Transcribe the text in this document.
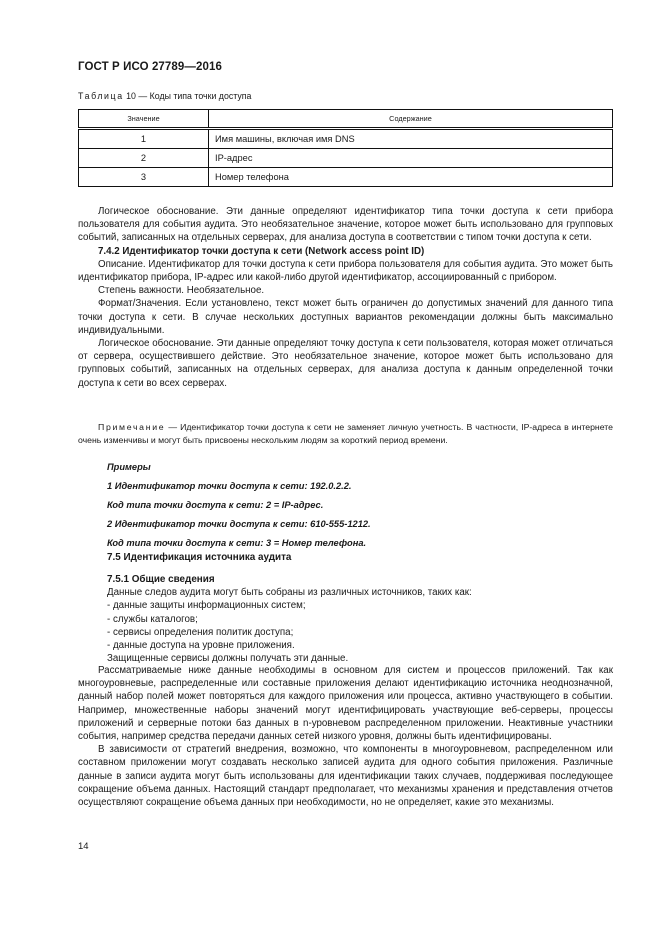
ГОСТ Р ИСО 27789—2016
Таблица 10 — Коды типа точки доступа
Значение	Содержание
1	Имя машины, включая имя DNS
2	IP-адрес
3	Номер телефона

Логическое обоснование. Эти данные определяют идентификатор типа точки доступа к сети прибора пользователя для события аудита. Это необязательное значение, которое может быть использовано для групповых событий, записанных на отдельных серверах, для анализа доступа в соответствии с типом точки доступа к сети.

7.4.2 Идентификатор точки доступа к сети (Network access point ID)

Описание. Идентификатор для точки доступа к сети прибора пользователя для события аудита. Это может быть идентификатор прибора, IP-адрес или какой-либо другой идентификатор, ассоциированный с прибором.

Степень важности. Необязательное.

Формат/Значения. Если установлено, текст может быть ограничен до допустимых значений для данного типа точки доступа к сети. В случае нескольких доступных вариантов рекомендации должны быть максимально индивидуальными.

Логическое обоснование. Эти данные определяют точку доступа к сети пользователя, которая может отличаться от сервера, осуществившего действие. Это необязательное значение, которое может быть использовано для групповых событий, записанных на отдельных серверах, для анализа доступа к данным определенной точки доступа к сети во всех серверах.

Примечание — Идентификатор точки доступа к сети не заменяет личную учетность. В частности, IP-адреса в интернете очень изменчивы и могут быть присвоены нескольким людям за короткий период времени.

Примеры
1 Идентификатор точки доступа к сети: 192.0.2.2.
Код типа точки доступа к сети: 2 = IP-адрес.
2 Идентификатор точки доступа к сети: 610-555-1212.
Код типа точки доступа к сети: 3 = Номер телефона.
7.5 Идентификация источника аудита
7.5.1 Общие сведения
Данные следов аудита могут быть собраны из различных источников, таких как:
- данные защиты информационных систем;
- службы каталогов;
- сервисы определения политик доступа;
- данные доступа на уровне приложения.
Защищенные сервисы должны получать эти данные.

Рассматриваемые ниже данные необходимы в основном для систем и процессов приложений. Так как многоуровневые, распределенные или составные приложения делают идентификацию источника неоднозначной, данный набор полей может повторяться для каждого приложения или процесса, активно участвующего в событии. Например, множественные наборы значений могут идентифицировать участвующие веб-серверы, процессы приложений и серверные потоки баз данных в n-уровневом распределенном приложении. Неактивные участники события, например средства передачи данных сетей низкого уровня, должны быть идентифицированы.

В зависимости от стратегий внедрения, возможно, что компоненты в многоуровневом, распределенном или составном приложении могут создавать несколько записей аудита для одного события приложения. Различные данные в записи аудита могут быть использованы для идентификации таких случаев, поддерживая последующее сокращение объема данных. Настоящий стандарт предполагает, что механизмы хранения и представления отчетов осуществляют сокращение объема данных при необходимости, но не определяет, какие это механизмы.

14
